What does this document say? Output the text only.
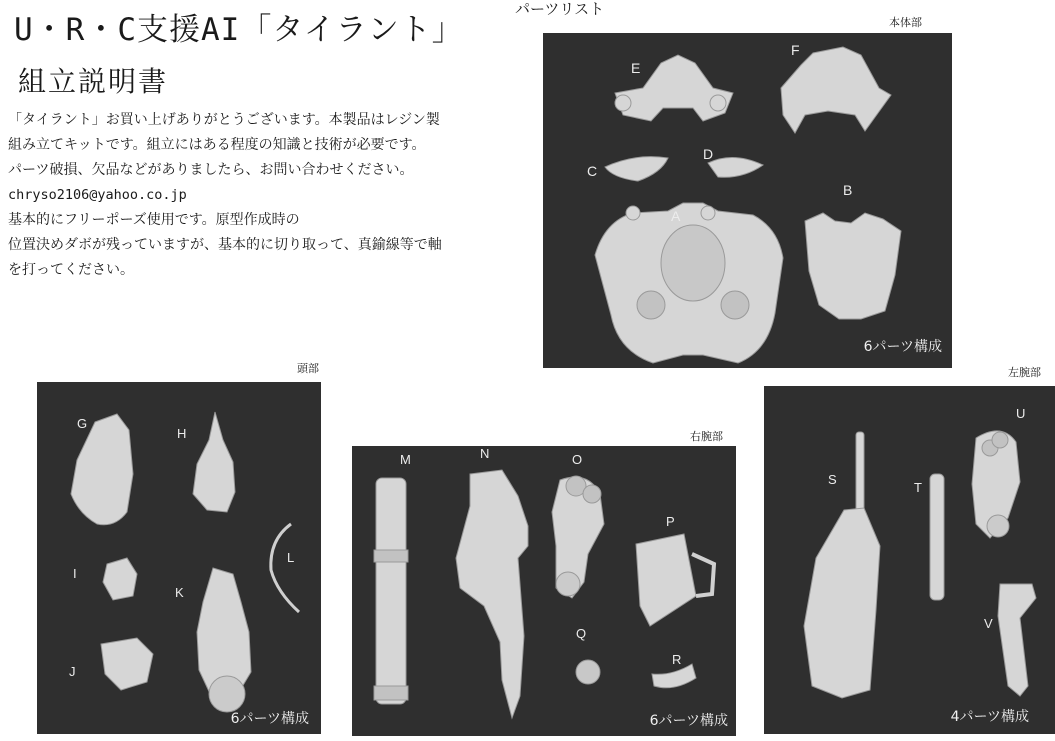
U・R・C支援AI「タイラント」
組立説明書
「タイラント」お買い上げありがとうございます。本製品はレジン製
組み立てキットです。組立にはある程度の知識と技術が必要です。
パーツ破損、欠品などがありましたら、お問い合わせください。
chryso2106@yahoo.co.jp
基本的にフリーポーズ使用です。原型作成時の
位置決めダボが残っていますが、基本的に切り取って、真鍮線等で軸
を打ってください。
パーツリスト
本体部
E
F
C
D
A
B
6パーツ構成
頭部
G
H
I
L
K
J
6パーツ構成
右腕部
M	N	O
P
Q
R
6パーツ構成
左腕部
S
T
U
V
4パーツ構成
